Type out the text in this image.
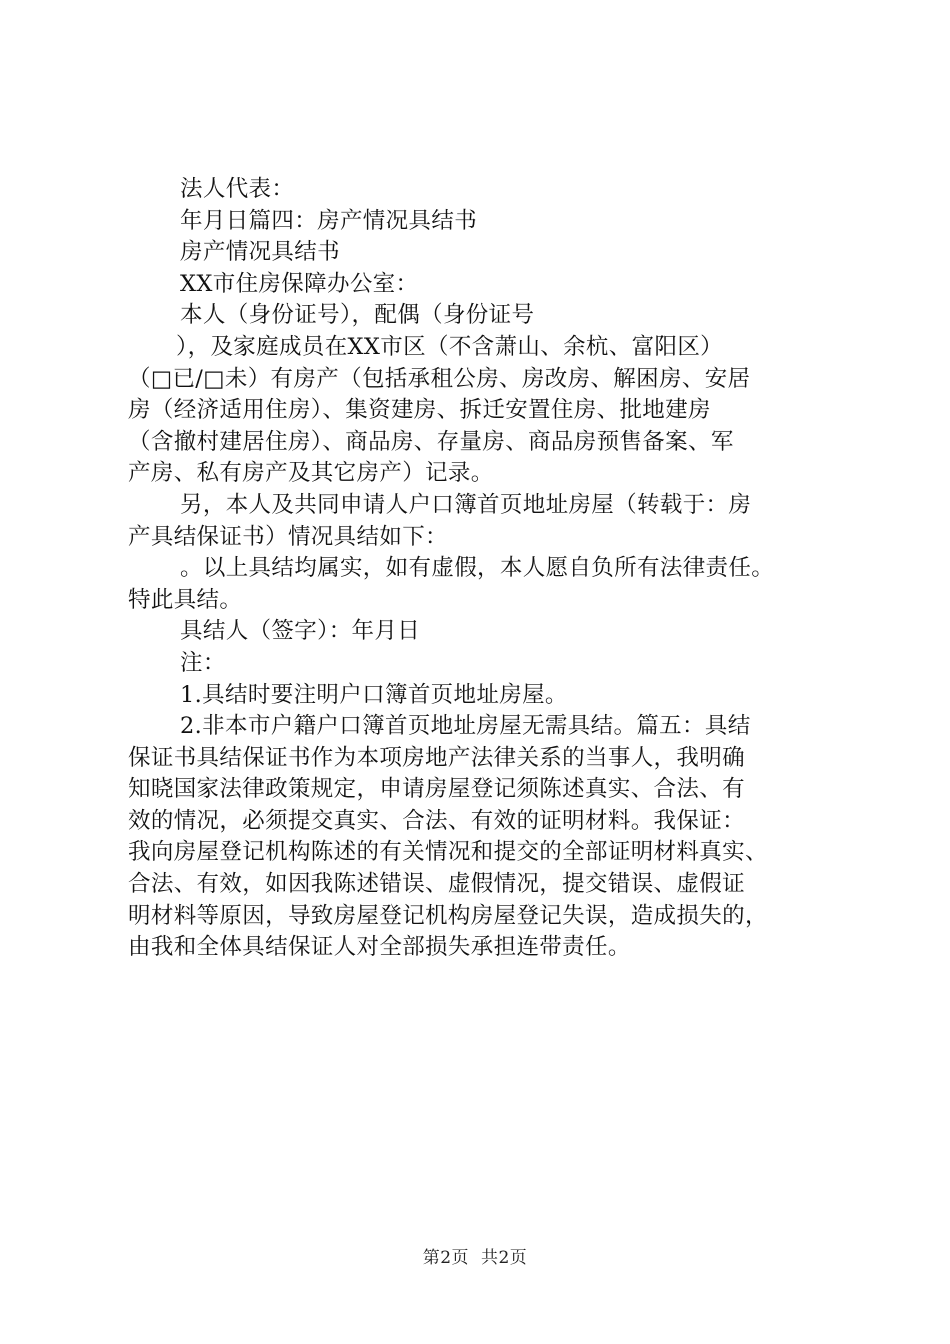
法人代表：
年月日篇四：房产情况具结书
房产情况具结书
XX市住房保障办公室：
本人（身份证号），配偶（身份证号
），及家庭成员在XX市区（不含萧山、余杭、富阳区）
（□已/□未）有房产（包括承租公房、房改房、解困房、安居
房（经济适用住房）、集资建房、拆迁安置住房、批地建房
（含撤村建居住房）、商品房、存量房、商品房预售备案、军
产房、私有房产及其它房产）记录。
另，本人及共同申请人户口簿首页地址房屋（转载于：房
产具结保证书）情况具结如下：
。以上具结均属实，如有虚假，本人愿自负所有法律责任。
特此具结。
具结人（签字）：年月日
注：
1.具结时要注明户口簿首页地址房屋。
2.非本市户籍户口簿首页地址房屋无需具结。篇五：具结
保证书具结保证书作为本项房地产法律关系的当事人，我明确
知晓国家法律政策规定，申请房屋登记须陈述真实、合法、有
效的情况，必须提交真实、合法、有效的证明材料。我保证：
我向房屋登记机构陈述的有关情况和提交的全部证明材料真实、
合法、有效，如因我陈述错误、虚假情况，提交错误、虚假证
明材料等原因，导致房屋登记机构房屋登记失误，造成损失的，
由我和全体具结保证人对全部损失承担连带责任。
第2页 共2页
